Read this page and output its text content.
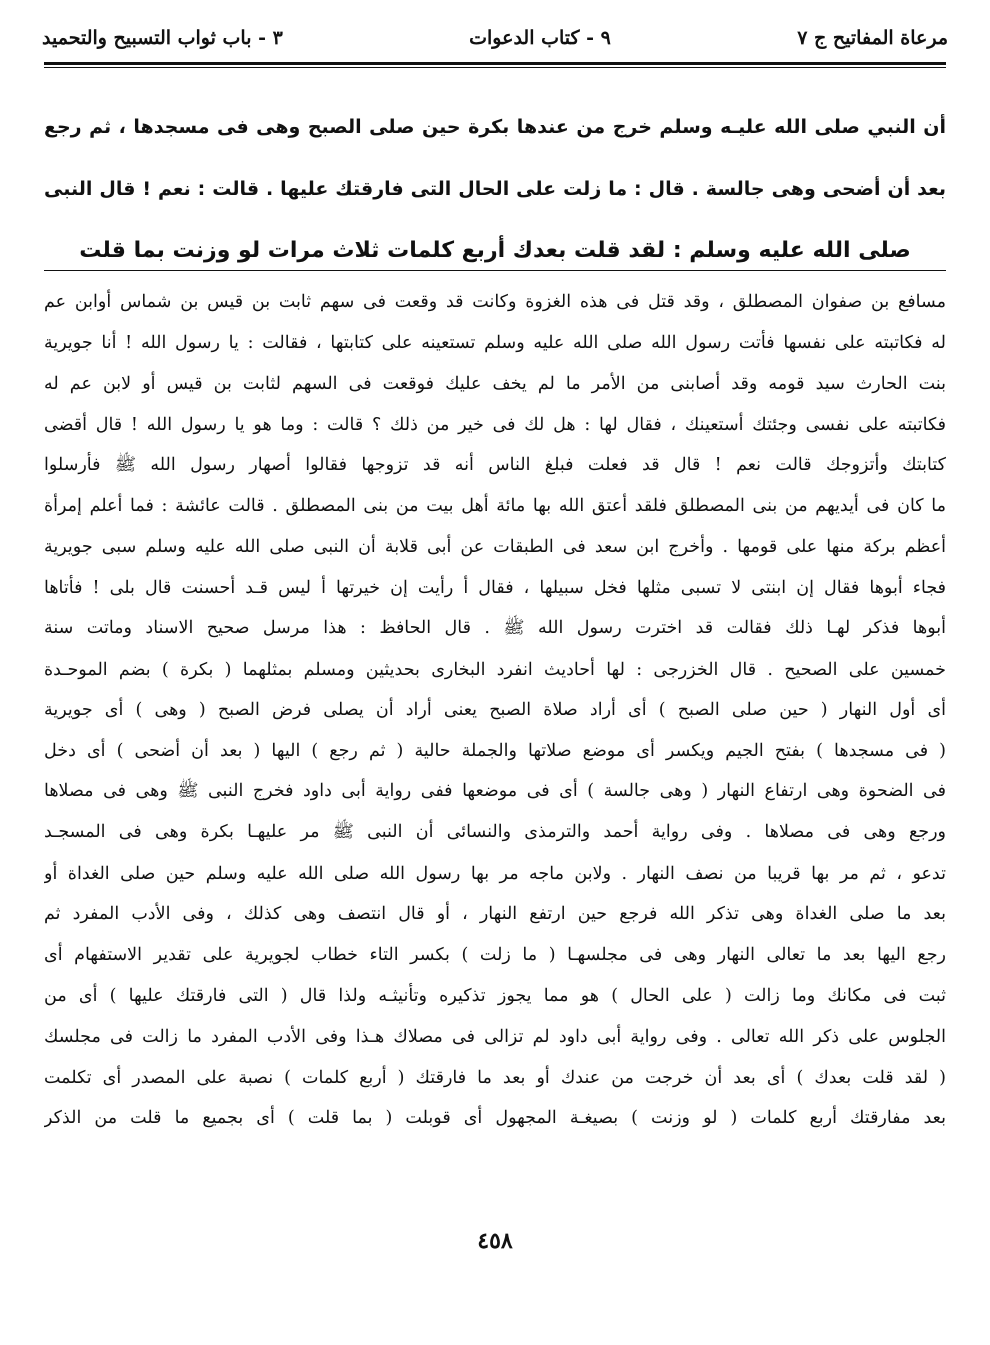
مرعاة المفاتيح ج ٧
٩ - كتاب الدعوات
٣ - باب ثواب التسبيح والتحميد
أن النبي صلى الله عليـه وسلم خرج من عندها بكرة حين صلى الصبح وهى فى مسجدها ، ثم رجع
بعد أن أضحى وهى جالسة . قال : ما زلت على الحال التى فارقتك عليها . قالت : نعم ! قال النبى
صلى الله عليه وسلم : لقد قلت بعدك أربع كلمات ثلاث مرات لو وزنت بما قلت
مسافع بن صفوان المصطلق ، وقد قتل فى هذه الغزوة وكانت قد وقعت فى سهم ثابت بن قيس بن شماس أوابن عم
له فكاتبته على نفسها فأتت رسول الله صلى الله عليه وسلم تستعينه على كتابتها ، فقالت : يا رسول الله ! أنا جويرية
بنت الحارث سيد قومه وقد أصابنى من الأمر ما لم يخف عليك فوقعت فى السهم لثابت بن قيس أو لابن عم له
فكاتبته على نفسى وجئتك أستعينك ، فقال لها : هل لك فى خير من ذلك ؟ قالت : وما هو يا رسول الله ! قال أقضى
كتابتك وأتزوجك قالت نعم ! قال قد فعلت فبلغ الناس أنه قد تزوجها فقالوا أصهار رسول الله ﷺ فأرسلوا
ما كان فى أيديهم من بنى المصطلق فلقد أعتق الله بها مائة أهل بيت من بنى المصطلق . قالت عائشة : فما أعلم إمرأة
أعظم بركة منها على قومها . وأخرج ابن سعد فى الطبقات عن أبى قلابة أن النبى صلى الله عليه وسلم سبى جويرية
فجاء أبوها فقال إن ابنتى لا تسبى مثلها فخل سبيلها ، فقال أ رأيت إن خيرتها أ ليس قـد أحسنت قال بلى ! فأتاها
أبوها فذكر لهـا ذلك فقالت قد اخترت رسول الله ﷺ . قال الحافظ : هذا مرسل صحيح الاسناد وماتت سنة
خمسين على الصحيح . قال الخزرجى : لها أحاديث انفرد البخارى بحديثين ومسلم بمثلهما ( بكرة ) بضم الموحـدة
أى أول النهار ( حين صلى الصبح ) أى أراد صلاة الصبح يعنى أراد أن يصلى فرض الصبح ( وهى ) أى جويرية
( فى مسجدها ) بفتح الجيم ويكسر أى موضع صلاتها والجملة حالية ( ثم رجع ) اليها ( بعد أن أضحى ) أى دخل
فى الضحوة وهى ارتفاع النهار ( وهى جالسة ) أى فى موضعها ففى رواية أبى داود فخرج النبى ﷺ وهى فى مصلاها
ورجع وهى فى مصلاها . وفى رواية أحمد والترمذى والنسائى أن النبى ﷺ مر عليهـا بكرة وهى فى المسجـد
تدعو ، ثم مر بها قريبا من نصف النهار . ولابن ماجه مر بها رسول الله صلى الله عليه وسلم حين صلى الغداة أو
بعد ما صلى الغداة وهى تذكر الله فرجع حين ارتفع النهار ، أو قال انتصف وهى كذلك ، وفى الأدب المفرد ثم
رجع اليها بعد ما تعالى النهار وهى فى مجلسهـا ( ما زلت ) بكسر التاء خطاب لجويرية على تقدير الاستفهام أى
ثبت فى مكانك وما زالت ( على الحال ) هو مما يجوز تذكيره وتأنيثـه ولذا قال ( التى فارقتك عليها ) أى من
الجلوس على ذكر الله تعالى . وفى رواية أبى داود لم تزالى فى مصلاك هـذا وفى الأدب المفرد ما زالت فى مجلسك
( لقد قلت بعدك ) أى بعد أن خرجت من عندك أو بعد ما فارقتك ( أربع كلمات ) نصبة على المصدر أى تكلمت
بعد مفارقتك أربع كلمات ( لو وزنت ) بصيغـة المجهول أى قوبلت ( بما قلت ) أى بجميع ما قلت من الذكر
٤٥٨
